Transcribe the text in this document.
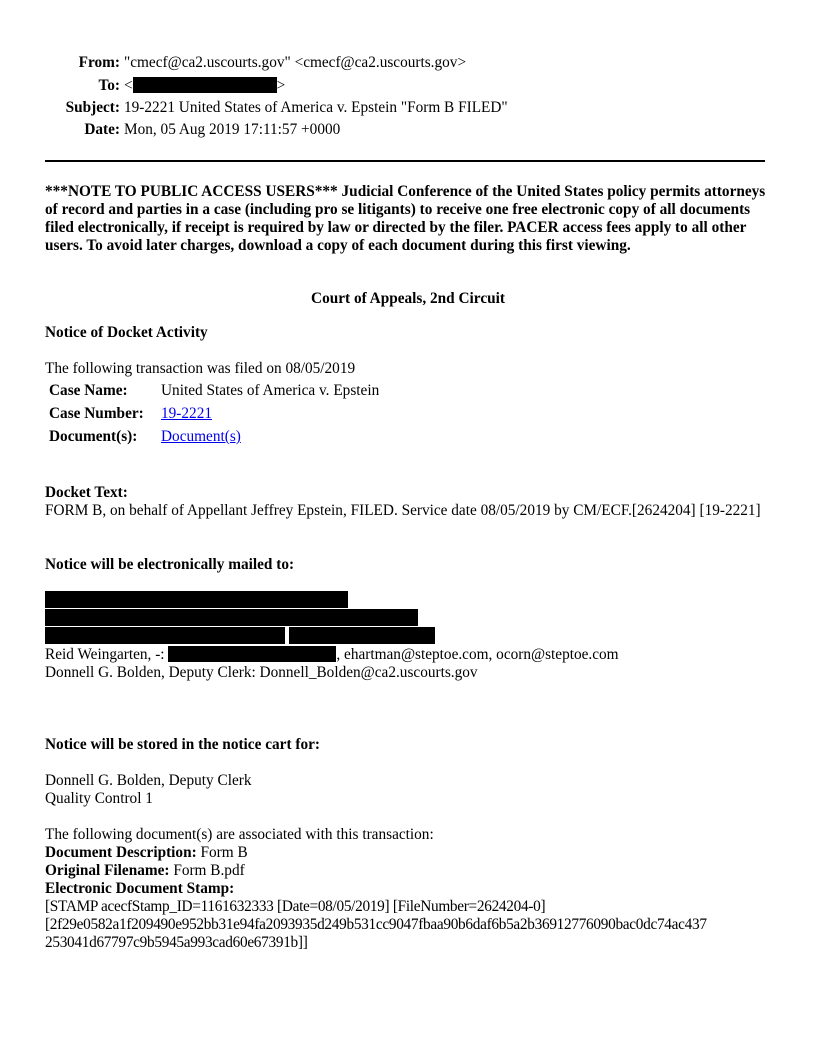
From: "cmecf@ca2.uscourts.gov" <cmecf@ca2.uscourts.gov>
To: <	>
Subject: 19-2221 United States of America v. Epstein "Form B FILED"
Date: Mon, 05 Aug 2019 17:11:57 +0000
***NOTE TO PUBLIC ACCESS USERS*** Judicial Conference of the United States policy permits attorneys of record and parties in a case (including pro se litigants) to receive one free electronic copy of all documents filed electronically, if receipt is required by law or directed by the filer. PACER access fees apply to all other users. To avoid later charges, download a copy of each document during this first viewing.
Court of Appeals, 2nd Circuit
Notice of Docket Activity
The following transaction was filed on 08/05/2019
Case Name: United States of America v. Epstein
Case Number: 19-2221
Document(s): Document(s)
Docket Text:
FORM B, on behalf of Appellant Jeffrey Epstein, FILED. Service date 08/05/2019 by CM/ECF.[2624204] [19-2221]
Notice will be electronically mailed to:
Reid Weingarten, -:	, ehartman@steptoe.com, ocorn@steptoe.com
Donnell G. Bolden, Deputy Clerk: Donnell_Bolden@ca2.uscourts.gov
Notice will be stored in the notice cart for:
Donnell G. Bolden, Deputy Clerk
Quality Control 1
The following document(s) are associated with this transaction:
Document Description: Form B
Original Filename: Form B.pdf
Electronic Document Stamp:
[STAMP acecfStamp_ID=1161632333 [Date=08/05/2019] [FileNumber=2624204-0]
[2f29e0582a1f209490e952bb31e94fa2093935d249b531cc9047fbaa90b6daf6b5a2b36912776090bac0dc74ac437
253041d67797c9b5945a993cad60e67391b]]
